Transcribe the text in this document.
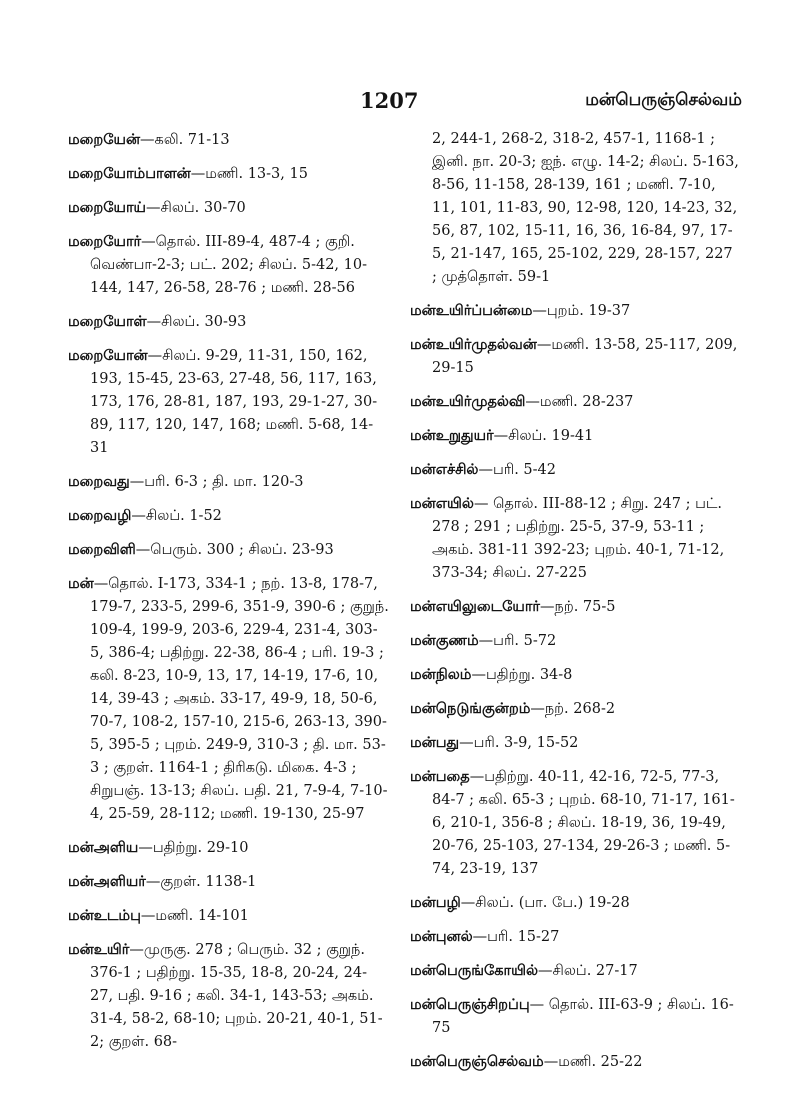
1207	மன்பெருஞ்செல்வம்
மறையேன்—கலி. 71-13
மறையோம்பாளன்—மணி. 13-3, 15
மறையோய்—சிலப். 30-70
மறையோர்—தொல். III-89-4, 487-4 ; குறி. வெண்பா-2-3; பட். 202; சிலப். 5-42, 10-144, 147, 26-58, 28-76 ; மணி. 28-56
மறையோள்—சிலப். 30-93
மறையோன்—சிலப். 9-29, 11-31, 150, 162, 193, 15-45, 23-63, 27-48, 56, 117, 163, 173, 176, 28-81, 187, 193, 29-1-27, 30-89, 117, 120, 147, 168; மணி. 5-68, 14-31
மறைவது—பரி. 6-3 ; தி. மா. 120-3
மறைவழி—சிலப். 1-52
மறைவிளி—பெரும். 300 ; சிலப். 23-93
மன்—தொல். I-173, 334-1 ; நற். 13-8, 178-7, 179-7, 233-5, 299-6, 351-9, 390-6 ; குறுந். 109-4, 199-9, 203-6, 229-4, 231-4, 303-5, 386-4; பதிற்று. 22-38, 86-4 ; பரி. 19-3 ; கலி. 8-23, 10-9, 13, 17, 14-19, 17-6, 10, 14, 39-43 ; அகம். 33-17, 49-9, 18, 50-6, 70-7, 108-2, 157-10, 215-6, 263-13, 390-5, 395-5 ; புறம். 249-9, 310-3 ; தி. மா. 53-3 ; குறள். 1164-1 ; திரிகடு. மிகை. 4-3 ; சிறுபஞ். 13-13; சிலப். பதி. 21, 7-9-4, 7-10-4, 25-59, 28-112; மணி. 19-130, 25-97
மன்அளிய—பதிற்று. 29-10
மன்அளியர்—குறள். 1138-1
மன்உடம்பு—மணி. 14-101
மன்உயிர்—முருகு. 278 ; பெரும். 32 ; குறுந். 376-1 ; பதிற்று. 15-35, 18-8, 20-24, 24-27, பதி. 9-16 ; கலி. 34-1, 143-53; அகம். 31-4, 58-2, 68-10; புறம். 20-21, 40-1, 51-2; குறள். 68-
2, 244-1, 268-2, 318-2, 457-1, 1168-1 ; இனி. நா. 20-3; ஐந். எழு. 14-2; சிலப். 5-163, 8-56, 11-158, 28-139, 161 ; மணி. 7-10, 11, 101, 11-83, 90, 12-98, 120, 14-23, 32, 56, 87, 102, 15-11, 16, 36, 16-84, 97, 17-5, 21-147, 165, 25-102, 229, 28-157, 227 ; முத்தொள். 59-1
மன்உயிர்ப்பன்மை—புறம். 19-37
மன்உயிர்முதல்வன்—மணி. 13-58, 25-117, 209, 29-15
மன்உயிர்முதல்வி—மணி. 28-237
மன்உறுதுயர்—சிலப். 19-41
மன்எச்சில்—பரி. 5-42
மன்எயில்— தொல். III-88-12 ; சிறு. 247 ; பட். 278 ; 291 ; பதிற்று. 25-5, 37-9, 53-11 ; அகம். 381-11 392-23; புறம். 40-1, 71-12, 373-34; சிலப். 27-225
மன்எயிலுடையோர்—நற். 75-5
மன்குணம்—பரி. 5-72
மன்நிலம்—பதிற்று. 34-8
மன்நெடுங்குன்றம்—நற். 268-2
மன்பது—பரி. 3-9, 15-52
மன்பதை—பதிற்று. 40-11, 42-16, 72-5, 77-3, 84-7 ; கலி. 65-3 ; புறம். 68-10, 71-17, 161-6, 210-1, 356-8 ; சிலப். 18-19, 36, 19-49, 20-76, 25-103, 27-134, 29-26-3 ; மணி. 5-74, 23-19, 137
மன்பழி—சிலப். (பா. பே.) 19-28
மன்புனல்—பரி. 15-27
மன்பெருங்கோயில்—சிலப். 27-17
மன்பெருஞ்சிறப்பு— தொல். III-63-9 ; சிலப். 16-75
மன்பெருஞ்செல்வம்—மணி. 25-22
